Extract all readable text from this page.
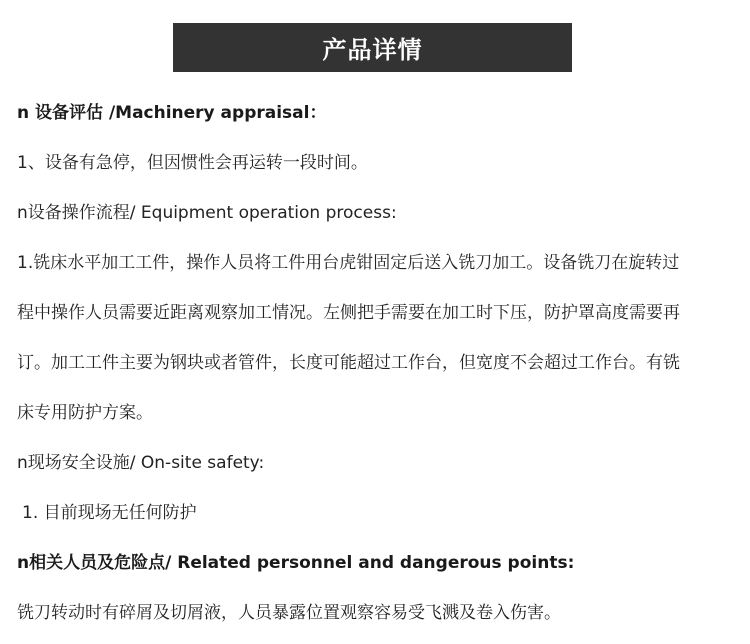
产品详情
n 设备评估 /Machinery appraisal：
1、设备有急停，但因惯性会再运转一段时间。
n设备操作流程/ Equipment operation process:
1.铣床水平加工工件，操作人员将工件用台虎钳固定后送入铣刀加工。设备铣刀在旋转过
程中操作人员需要近距离观察加工情况。左侧把手需要在加工时下压，防护罩高度需要再
订。加工工件主要为钢块或者管件，长度可能超过工作台，但宽度不会超过工作台。有铣
床专用防护方案。
n现场安全设施/ On-site safety:
1. 目前现场无任何防护
n相关人员及危险点/ Related personnel and dangerous points:
铣刀转动时有碎屑及切屑液，人员暴露位置观察容易受飞溅及卷入伤害。
